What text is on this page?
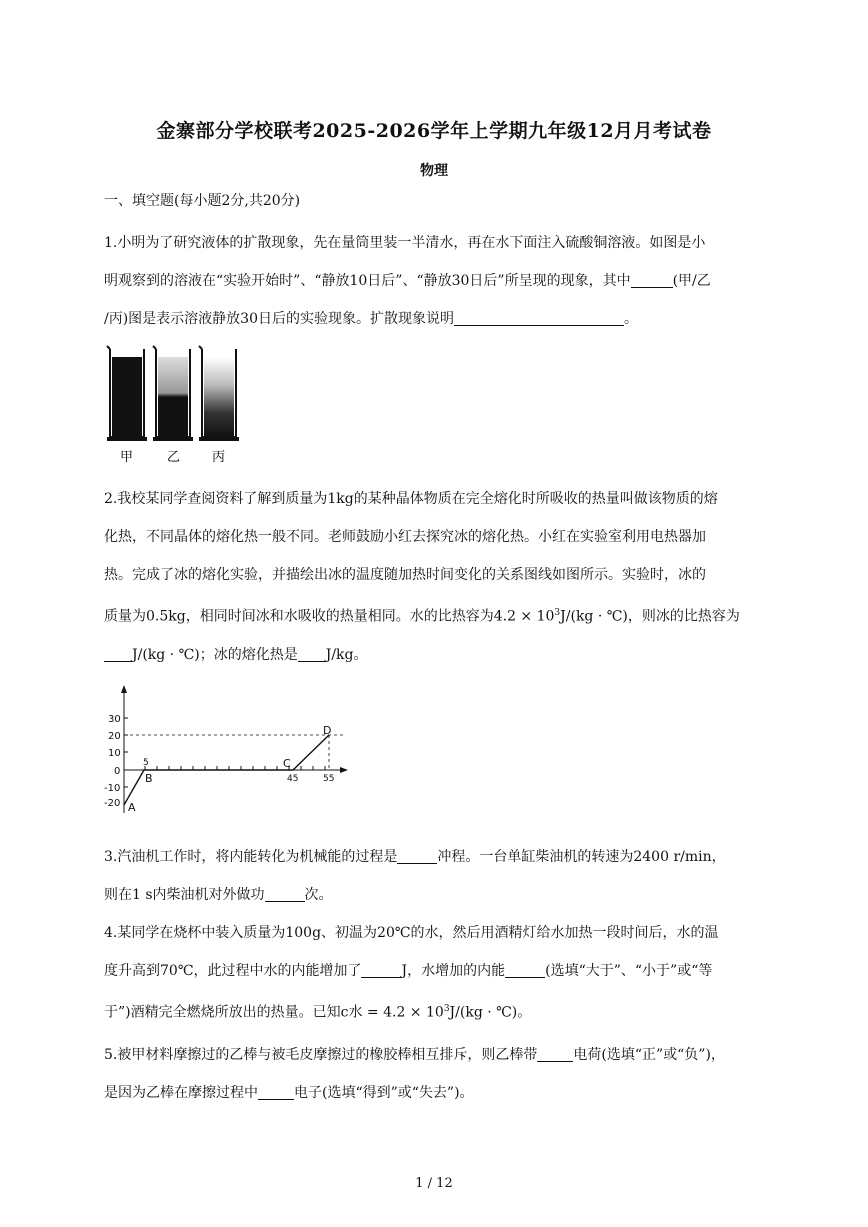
金寨部分学校联考2025-2026学年上学期九年级12月月考试卷
物理
一、填空题(每小题2分,共20分)
1.小明为了研究液体的扩散现象，先在量筒里装一半清水，再在水下面注入硫酸铜溶液。如图是小
明观察到的溶液在“实验开始时”、“静放10日后”、“静放30日后”所呈现的现象，其中	(甲/乙
/丙)图是表示溶液静放30日后的实验现象。扩散现象说明	。
甲	乙 丙
2.我校某同学查阅资料了解到质量为1kg的某种晶体物质在完全熔化时所吸收的热量叫做该物质的熔
化热，不同晶体的熔化热一般不同。老师鼓励小红去探究冰的熔化热。小红在实验室利用电热器加
热。完成了冰的熔化实验，并描绘出冰的温度随加热时间变化的关系图线如图所示。实验时，冰的
质量为0.5kg，相同时间冰和水吸收的热量相同。水的比热容为$4.2 \times 10^3J/(kg$ · ℃)，则冰的比热容为
J/(kg · ℃)；冰的熔化热是 J/kg。
30
20
10
0
-10
-20
5
45	55
A
B
C
D
3.汽油机工作时，将内能转化为机械能的过程是	冲程。一台单缸柴油机的转速为2400 r/min，
则在1 s内柴油机对外做功	次。
4.某同学在烧杯中装入质量为100g、初温为20℃的水，然后用酒精灯给水加热一段时间后，水的温
度升高到70℃，此过程中水的内能增加了	J，水增加的内能	(选填“大于”、“小于”或“等
于”)酒精完全燃烧所放出的热量。已知c水 = $4.2 \times 10^3J/(kg$ · ℃)。
5.被甲材料摩擦过的乙棒与被毛皮摩擦过的橡胶棒相互排斥，则乙棒带	电荷(选填“正”或“负”)，
是因为乙棒在摩擦过程中	电子(选填“得到”或“失去”)。
1 / 12
